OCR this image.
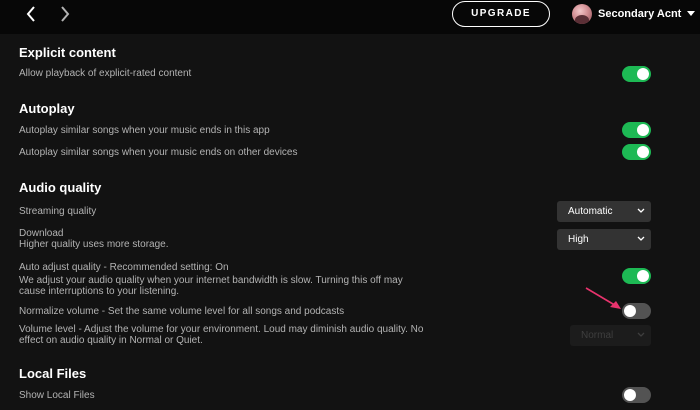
UPGRADE	Secondary Acnt
Explicit content
Allow playback of explicit-rated content
Autoplay
Autoplay similar songs when your music ends in this app
Autoplay similar songs when your music ends on other devices
Audio quality
Streaming quality	Automatic
Download
Higher quality uses more storage.	High
Auto adjust quality - Recommended setting: On
We adjust your audio quality when your internet bandwidth is slow. Turning this off may cause interruptions to your listening.
Normalize volume - Set the same volume level for all songs and podcasts
Volume level - Adjust the volume for your environment. Loud may diminish audio quality. No effect on audio quality in Normal or Quiet.	Normal
Local Files
Show Local Files
